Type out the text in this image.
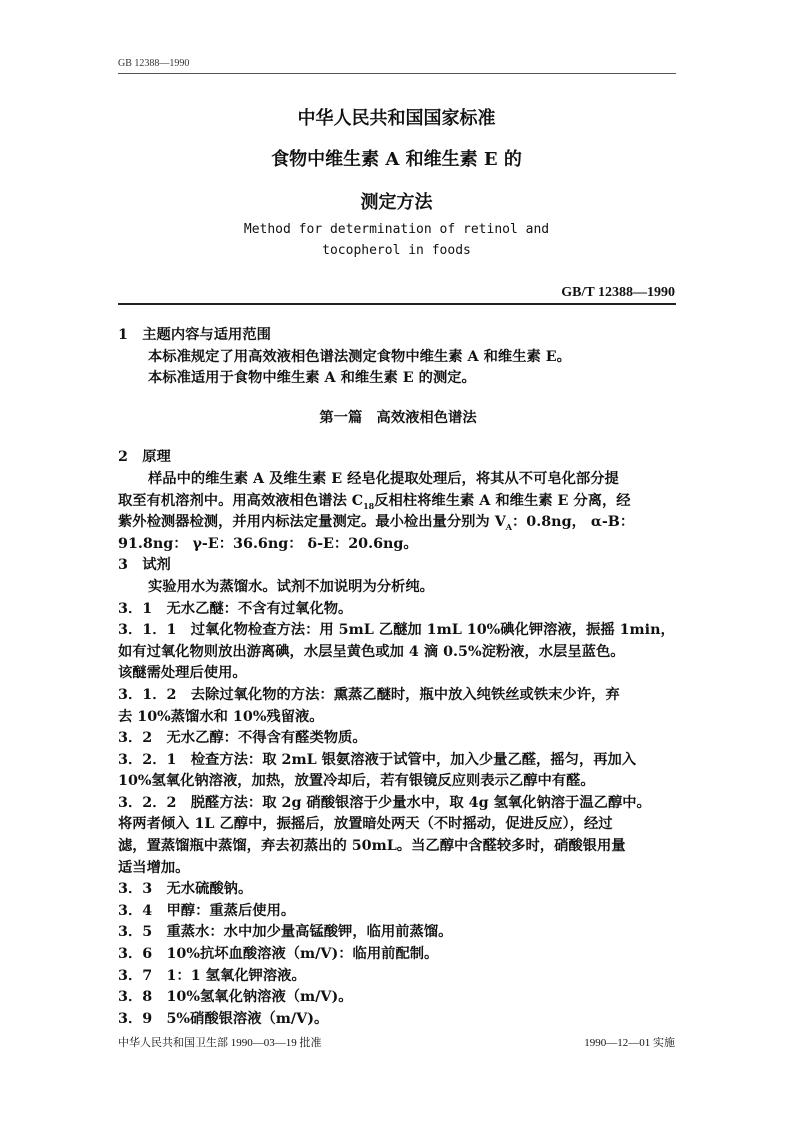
GB 12388—1990
中华人民共和国国家标准
食物中维生素 A 和维生素 E 的
测定方法
Method for determination of retinol and
tocopherol in foods
GB/T 12388—1990
1　主题内容与适用范围
本标准规定了用高效液相色谱法测定食物中维生素 A 和维生素 E。
本标准适用于食物中维生素 A 和维生素 E 的测定。
第一篇　高效液相色谱法
2　原理
样品中的维生素 A 及维生素 E 经皂化提取处理后，将其从不可皂化部分提
取至有机溶剂中。用高效液相色谱法 $C_{18}$反相柱将维生素 A 和维生素 E 分离，经
紫外检测器检测，并用内标法定量测定。最小检出量分别为 $V_A$：0.8ng， α-B：
91.8ng： γ-E：36.6ng： δ-E：20.6ng。
3　试剂
实验用水为蒸馏水。试剂不加说明为分析纯。
3．1　无水乙醚：不含有过氧化物。
3．1．1　过氧化物检查方法：用 5mL 乙醚加 1mL 10%碘化钾溶液，振摇 1min，
如有过氧化物则放出游离碘，水层呈黄色或加 4 滴 0.5%淀粉液，水层呈蓝色。
该醚需处理后使用。
3．1．2　去除过氧化物的方法：熏蒸乙醚时，瓶中放入纯铁丝或铁末少许，弃
去 10%蒸馏水和 10%残留液。
3．2　无水乙醇：不得含有醛类物质。
3．2．1　检查方法：取 2mL 银氨溶液于试管中，加入少量乙醛，摇匀，再加入
10%氢氧化钠溶液，加热，放置冷却后，若有银镜反应则表示乙醇中有醛。
3．2．2　脱醛方法：取 2g 硝酸银溶于少量水中，取 4g 氢氧化钠溶于温乙醇中。
将两者倾入 1L 乙醇中，振摇后，放置暗处两天（不时摇动，促进反应），经过
滤，置蒸馏瓶中蒸馏，弃去初蒸出的 50mL。当乙醇中含醛较多时，硝酸银用量
适当增加。
3．3　无水硫酸钠。
3．4　甲醇：重蒸后使用。
3．5　重蒸水：水中加少量高锰酸钾，临用前蒸馏。
3．6　10%抗坏血酸溶液（m/V)：临用前配制。
3．7　1：1 氢氧化钾溶液。
3．8　10%氢氧化钠溶液（m/V)。
3．9　5%硝酸银溶液（m/V)。
中华人民共和国卫生部 1990—03—19 批准	1990—12—01 实施
